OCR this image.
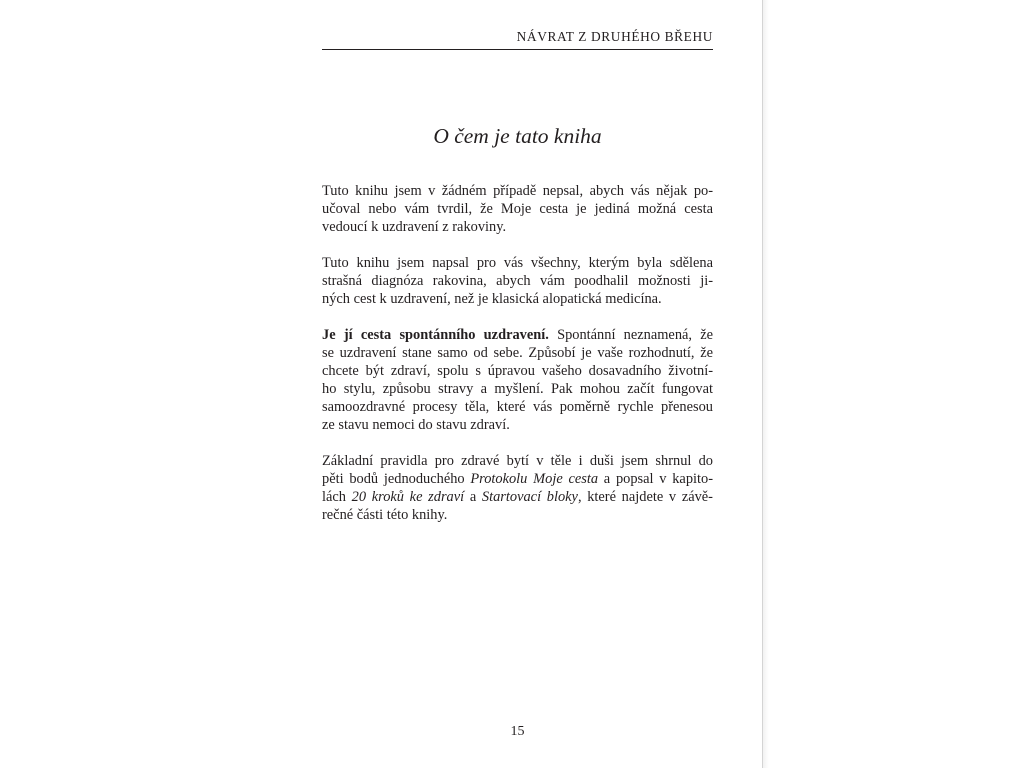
NÁVRAT Z DRUHÉHO BŘEHU
O čem je tato kniha

Tuto knihu jsem v žádném případě nepsal, abych vás nějak po-
učoval nebo vám tvrdil, že Moje cesta je jediná možná cesta
vedoucí k uzdravení z rakoviny.

Tuto knihu jsem napsal pro vás všechny, kterým byla sdělena
strašná diagnóza rakovina, abych vám poodhalil možnosti ji-
ných cest k uzdravení, než je klasická alopatická medicína.

Je jí cesta spontánního uzdravení. Spontánní neznamená, že
se uzdravení stane samo od sebe. Způsobí je vaše rozhodnutí, že
chcete být zdraví, spolu s úpravou vašeho dosavadního životní-
ho stylu, způsobu stravy a myšlení. Pak mohou začít fungovat
samoozdravné procesy těla, které vás poměrně rychle přenesou
ze stavu nemoci do stavu zdraví.

Základní pravidla pro zdravé bytí v těle i duši jsem shrnul do
pěti bodů jednoduchého Protokolu Moje cesta a popsal v kapito-
lách 20 kroků ke zdraví a Startovací bloky, které najdete v závě-
rečné části této knihy.

15
